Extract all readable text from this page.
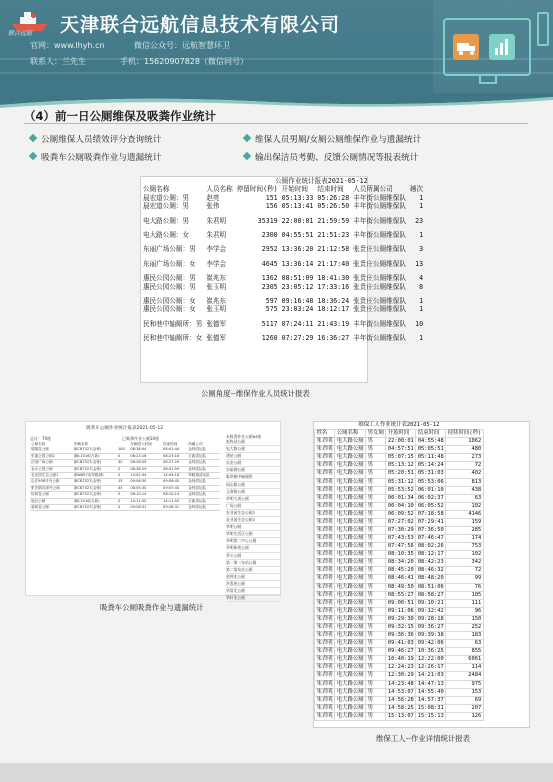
联合远航 天津联合远航信息技术有限公司
官网：www.lhyh.cn	微信公众号：远航智慧环卫
联系人：兰先生	手机：15620907828（微信同号）
（4）前一日公厕维保及吸粪作业统计
公厕维保人员绩效评分查询统计	维保人员男厕/女厕公厕维保作业与遗漏统计
吸粪车公厕吸粪作业与遗漏统计	输出保洁员考勤、反馈公厕情况等报表统计
		公厕作业统计报表2021-05-12				
公厕名称	人员名称	停留时间(秒)	开始时间	结束时间	人员所属公司	趟次
晨宏道公厕：男	赵亮	151	05:13:33	05:26:28	丰年街公厕维保队	1
晨宏道公厕：男	张伟	156	05:13:41	05:26:50	丰年街公厕维保队	1

电大路公厕：男	朱君明	35319	22:00:01	21:59:59	丰年街公厕维保队	23

电大路公厕：女	朱君明	2300	04:55:51	21:51:23	丰年街公厕维保队	1

东丽广场公厕：男	李学会	2952	13:36:20	21:12:58	张贵庄公厕维保队	3

东丽广场公厕：女	李学会	4645	13:36:14	21:17:40	张贵庄公厕维保队	13

惠民公园公厕：男	崔兆东	1362	08:51:09	18:41:30	张贵庄公厕维保队	4
惠民公园公厕：男	张玉明	2305	23:05:12	17:33:16	张贵庄公厕维保队	8

惠民公园公厕：女	崔兆东	597	09:16:48	18:36:24	张贵庄公厕维保队	1
惠民公园公厕：女	张玉明	575	23:03:24	18:12:17	张贵庄公厕维保队	1

民和巷中轴厕所：男	张德军	5117	07:24:11	21:43:19	丰年街公厕维保队	10

民和巷中轴厕所：女	张德军	1260	07:27:29	16:36:27	丰年街公厕维保队	1
公厕角度--维保作业人员统计报表
吸粪车公厕作业统计报表2021-05-12
总计：74座	已吸粪作业公厕10座
公厕名称	车辆名称		车辆进入时间	结束时间	所属公司
德翔壹公厕	津CB7527(金钟)	180	08:38:44	08:41:44	金钟清运队
东丽公园公厕2	津JL1016(万新)	0	08:23:16	08:23:16	万新清运队
法治广场公厕	津CB7527(金钟)	30	08:26:59	08:27:29	金钟清运队
金水公园公厕	津CB7527(金钟)	0	08:38:29	08:41:59	金钟清运队
农业园生态公厕1	津W8573(军粮城)	0	13:02:44	14:44:18	军粮城清运队
沿庄908号外公厕	津CB7527(金钟)	15	09:06:30	09:06:45	金钟清运队
张庄精功津外公厕	津CB7527(金钟)	45	08:55:30	09:07:45	金钟清运队
轩和壹公厕	津CB7527(金钟)	0	08:10:14	08:10:14	金钟清运队
福台公厕	津JL1016(万新)	0	14:11:50	14:11:50	万新清运队
意和壹公厕	津CB7527(金钟)	0	09:28:31	09:28:31	金钟清运队
未吸粪作业公厕64座
畜牧站公厕
电大路公厕
建星公厕
东安公厕
东丽湖公厕
临华路中轴厕所
园山路公厕
文命路公厕
华明大道公厕
广场公厕
农业园生态公厕2
农业园生态公厕3
华明公厕
华明生活区公厕
华明第二中心公厕
华明新苑公厕
华五公厕
第一第一布站公厕
第二第布站公厕
金钟北公厕
洪泓苑公厕
华富北公厕
华轩北公厕
吸粪车公厕吸粪作业与遗漏统计
维保工人作业统计表2021-05-12					
姓名	公厕名称	男女厕	开始时间	结束时间	持续时间(秒)
朱君明	电大路公厕	男	22:00:01	04:55:48	1062
朱君明	电大路公厕	男	04:57:51	05:05:51	480
朱君明	电大路公厕	男	05:07:15	05:11:48	273
朱君明	电大路公厕	男	05:13:12	05:14:24	72
朱君明	电大路公厕	男	05:20:51	05:31:03	402
朱君明	电大路公厕	男	05:31:12	05:53:06	813
朱君明	电大路公厕	男	05:53:52	06:01:10	438
朱君明	电大路公厕	男	06:01:34	06:02:37	63
朱君明	电大路公厕	男	06:04:10	06:05:52	102
朱君明	电大路公厕	男	06:09:52	07:18:58	4146
朱君明	电大路公厕	男	07:27:02	07:29:41	159
朱君明	电大路公厕	男	07:30:29	07:36:50	285
朱君明	电大路公厕	男	07:43:53	07:46:47	174
朱君明	电大路公厕	男	07:47:56	08:02:26	753
朱君明	电大路公厕	男	08:10:35	08:12:17	102
朱君明	电大路公厕	男	08:34:20	08:42:23	342
朱君明	电大路公厕	男	08:45:20	08:46:32	72
朱君明	电大路公厕	男	08:46:41	08:48:20	99
朱君明	电大路公厕	男	08:49:50	08:51:06	76
朱君明	电大路公厕	男	08:55:27	08:58:27	105
朱君明	电大路公厕	男	09:00:51	09:10:21	111
朱君明	电大路公厕	男	09:11:06	09:12:42	96
朱君明	电大路公厕	男	09:29:30	09:28:18	150
朱君明	电大路公厕	男	09:32:15	09:36:27	252
朱君明	电大路公厕	男	09:36:36	09:39:38	183
朱君明	电大路公厕	男	09:41:03	09:42:06	63
朱君明	电大路公厕	男	09:46:27	10:36:25	855
朱君明	电大路公厕	男	10:40:19	12:22:00	6061
朱君明	电大路公厕	男	12:24:23	12:26:17	114
朱君明	电大路公厕	男	12:30:29	14:21:03	2484
朱君明	电大路公厕	男	14:23:48	14:47:13	975
朱君明	电大路公厕	男	14:53:07	14:55:40	153
朱君明	电大路公厕	男	14:56:28	14:57:37	69
朱君明	电大路公厕	男	14:58:25	15:08:31	207
朱君明	电大路公厕	男	15:13:07	15:15:13	126
维保工人--作业详情统计报表
